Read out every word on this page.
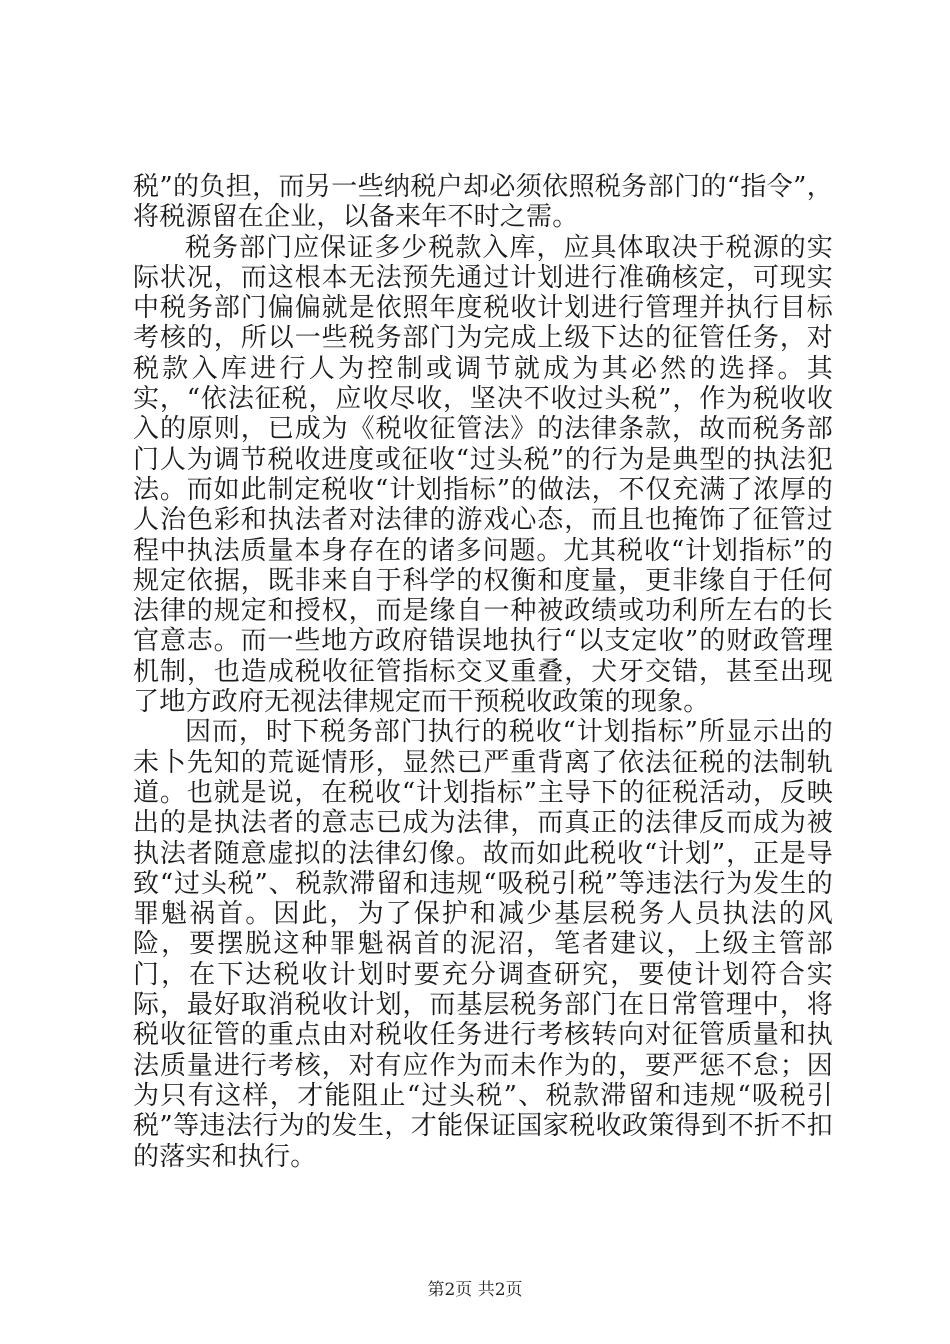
税”的负担，而另一些纳税户却必须依照税务部门的“指令”，将税源留在企业，以备来年不时之需。

税务部门应保证多少税款入库，应具体取决于税源的实际状况，而这根本无法预先通过计划进行准确核定，可现实中税务部门偏偏就是依照年度税收计划进行管理并执行目标考核的，所以一些税务部门为完成上级下达的征管任务，对税款入库进行人为控制或调节就成为其必然的选择。其实，“依法征税，应收尽收，坚决不收过头税”，作为税收收入的原则，已成为《税收征管法》的法律条款，故而税务部门人为调节税收进度或征收“过头税”的行为是典型的执法犯法。而如此制定税收“计划指标”的做法，不仅充满了浓厚的人治色彩和执法者对法律的游戏心态，而且也掩饰了征管过程中执法质量本身存在的诸多问题。尤其税收“计划指标”的规定依据，既非来自于科学的权衡和度量，更非缘自于任何法律的规定和授权，而是缘自一种被政绩或功利所左右的长官意志。而一些地方政府错误地执行“以支定收”的财政管理机制，也造成税收征管指标交叉重叠，犬牙交错，甚至出现了地方政府无视法律规定而干预税收政策的现象。

因而，时下税务部门执行的税收“计划指标”所显示出的未卜先知的荒诞情形，显然已严重背离了依法征税的法制轨道。也就是说，在税收“计划指标”主导下的征税活动，反映出的是执法者的意志已成为法律，而真正的法律反而成为被执法者随意虚拟的法律幻像。故而如此税收“计划”，正是导致“过头税”、税款滞留和违规“吸税引税”等违法行为发生的罪魁祸首。因此，为了保护和减少基层税务人员执法的风险，要摆脱这种罪魁祸首的泥沼，笔者建议，上级主管部门，在下达税收计划时要充分调查研究，要使计划符合实际，最好取消税收计划，而基层税务部门在日常管理中，将税收征管的重点由对税收任务进行考核转向对征管质量和执法质量进行考核，对有应作为而未作为的，要严惩不怠；因为只有这样，才能阻止“过头税”、税款滞留和违规“吸税引税”等违法行为的发生，才能保证国家税收政策得到不折不扣的落实和执行。

第2页 共2页
